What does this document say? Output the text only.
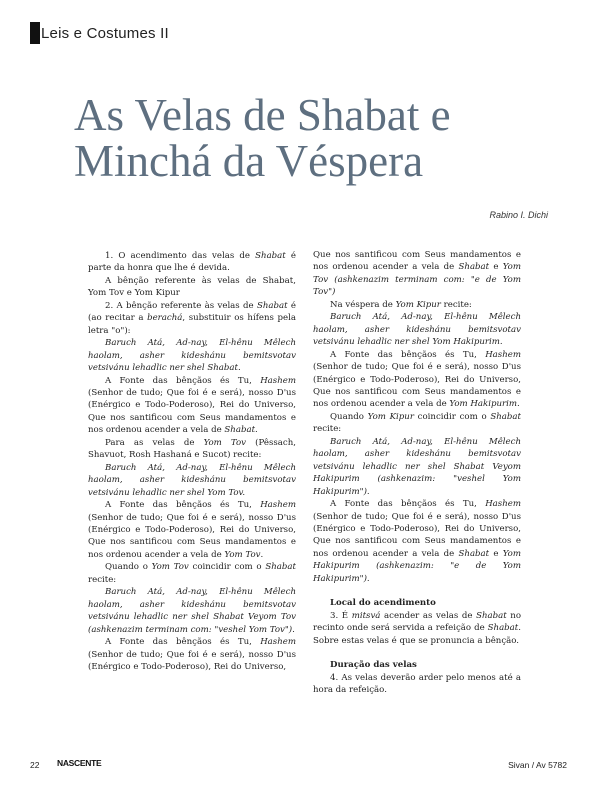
Leis e Costumes II
As Velas de Shabat e
Minchá da Véspera
Rabino I. Dichi

1. O acendimento das velas de Shabat é parte da honra que lhe é devida.

A bênção referente às velas de Shabat, Yom Tov e Yom Kipur

2. A bênção referente às velas de Shabat é (ao recitar a berachá, substituir os hífens pela letra "o"):

Baruch Atá, Ad-nay, El-hênu Mêlech haolam, asher kideshánu bemitsvotav vetsivánu lehadlic ner shel Shabat.

A Fonte das bênçãos és Tu, Hashem (Senhor de tudo; Que foi é e será), nosso D'us (Enérgico e Todo-Poderoso), Rei do Universo, Que nos santificou com Seus mandamentos e nos ordenou acender a vela de Shabat.

Para as velas de Yom Tov (Pêssach, Shavuot, Rosh Hashaná e Sucot) recite:

Baruch Atá, Ad-nay, El-hênu Mêlech haolam, asher kideshánu bemitsvotav vetsivánu lehadlic ner shel Yom Tov.

A Fonte das bênçãos és Tu, Hashem (Senhor de tudo; Que foi é e será), nosso D'us (Enérgico e Todo-Poderoso), Rei do Universo, Que nos santificou com Seus mandamentos e nos ordenou acender a vela de Yom Tov.

Quando o Yom Tov coincidir com o Shabat recite:

Baruch Atá, Ad-nay, El-hênu Mêlech haolam, asher kideshánu bemitsvotav vetsivánu lehadlic ner shel Shabat Veyom Tov (ashkenazim terminam com: "veshel Yom Tov").

A Fonte das bênçãos és Tu, Hashem (Senhor de tudo; Que foi é e será), nosso D'us (Enérgico e Todo-Poderoso), Rei do Universo,

Que nos santificou com Seus mandamentos e nos ordenou acender a vela de Shabat e Yom Tov (ashkenazim terminam com: "e de Yom Tov")

Na véspera de Yom Kipur recite:

Baruch Atá, Ad-nay, El-hênu Mêlech haolam, asher kideshánu bemitsvotav vetsivánu lehadlic ner shel Yom Hakipurim.

A Fonte das bênçãos és Tu, Hashem (Senhor de tudo; Que foi é e será), nosso D'us (Enérgico e Todo-Poderoso), Rei do Universo, Que nos santificou com Seus mandamentos e nos ordenou acender a vela de Yom Hakipurim.

Quando Yom Kipur coincidir com o Shabat recite:

Baruch Atá, Ad-nay, El-hênu Mêlech haolam, asher kideshánu bemitsvotav vetsivánu lehadlic ner shel Shabat Veyom Hakipurim (ashkenazim: "veshel Yom Hakipurim").

A Fonte das bênçãos és Tu, Hashem (Senhor de tudo; Que foi é e será), nosso D'us (Enérgico e Todo-Poderoso), Rei do Universo, Que nos santificou com Seus mandamentos e nos ordenou acender a vela de Shabat e Yom Hakipurim (ashkenazim: "e de Yom Hakipurim").

Local do acendimento

3. É mitsvá acender as velas de Shabat no recinto onde será servida a refeição de Shabat. Sobre estas velas é que se pronuncia a bênção.

Duração das velas

4. As velas deverão arder pelo menos até a hora da refeição.

22 NASCENTE	Sivan / Av 5782
